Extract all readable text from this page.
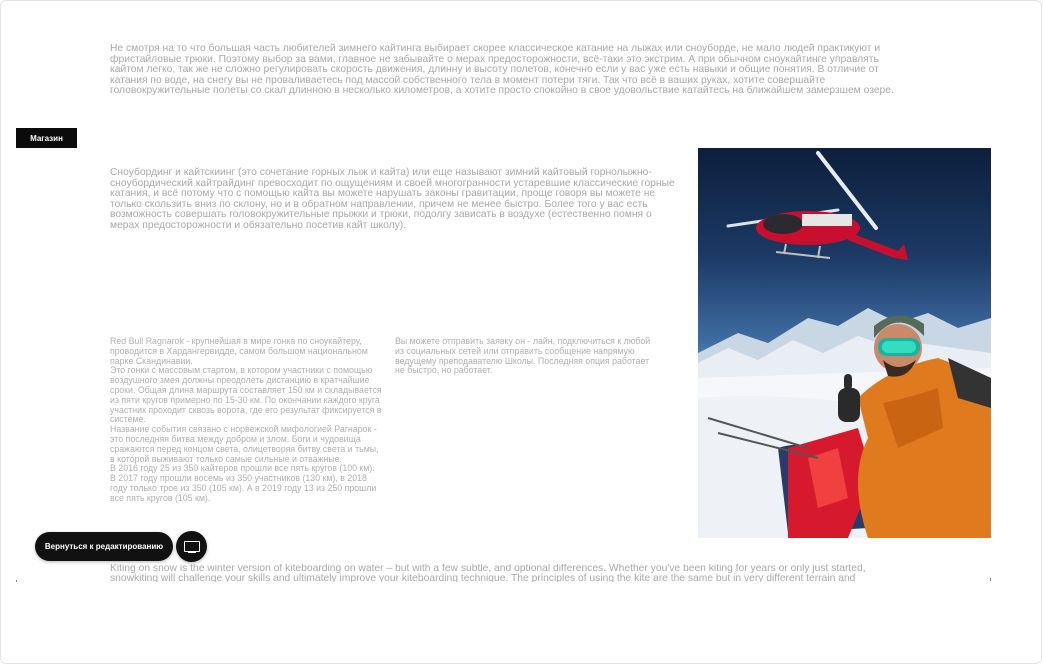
Не смотря на то что большая часть любителей зимнего кайтинга выбирает скорее классическое катание на лыжах или сноуборде, не мало людей практикуют и фристайловые трюки. Поэтому выбор за вами, главное не забывайте о мерах предосторожности, всё-таки это экстрим. А при обычном сноукайтинге управлять кайтом легко, так же не сложно регулировать скорость движения, длинну и высоту полетов, конечно если у вас уже есть навыки и общие понятия. В отличие от катания по воде, на снегу вы не проваливаетесь под массой собственного тела в момент потери тяги. Так что всё в ваших руках, хотите совершайте головокружительные полеты со скал длинною в несколько километров, а хотите просто спокойно в свое удовольствие катайтесь на ближайшем замерзшем озере.

Магазин

Сноубординг и кайтскиинг (это сочетание горных лыж и кайта) или еще называют зимний кайтовый горнолыжно-сноубордический кайтрайдинг превосходит по ощущениям и своей многогранности устаревшие классические горные катания, и всё потому что с помощью кайта вы можете нарушать законы гравитации, проще говоря вы можете не только скользить вниз по склону, но и в обратном направлении, причем не менее быстро. Более того у вас есть возможность совершать головокружительные прыжки и трюки, подолгу зависать в воздухе (естественно помня о мерах предосторожности и обязательно посетив кайт школу).

Red Bull Ragnarok - крупнейшая в мире гонка по сноукайтеру, проводится в Хардангервидде, самом большом национальном парке Скандинавии.
Это гонки с массовым стартом, в котором участники с помощью воздушного змея должны преодолеть дистанцию в кратчайшие сроки. Общая длина маршрута составляет 150 км и складывается из пяти кругов примерно по 15-30 км. По окончании каждого круга участник проходит сквозь ворота, где его результат фиксируется в системе.
Название события связано с норвежской мифологией Рагнарок - это последняя битва между добром и злом. Боги и чудовища сражаются перед концом света, олицетворяя битву света и тьмы, в которой выживают только самые сильные и отважные.
В 2016 году 25 из 350 кайтеров прошли все пять кругов (100 км). В 2017 году прошли восемь из 350 участников (130 км), в 2018 году только трое из 350 (105 км). А в 2019 году 13 из 250 прошли все пять кругов (105 км).

Вы можете отправить заявку он - лайн, подключиться к любой из социальных сетей или отправить сообщение напрямую ведущему преподавателю Школы. Последняя опция работает не быстро, но работает.

Kiting on snow is the winter version of kiteboarding on water – but with a few subtle, and optional differences. Whether you've been kiting for years or only just started, snowkiting will challenge your skills and ultimately improve your kiteboarding technique. The principles of using the kite are the same but in very different terrain and

Вернуться к редактированию
